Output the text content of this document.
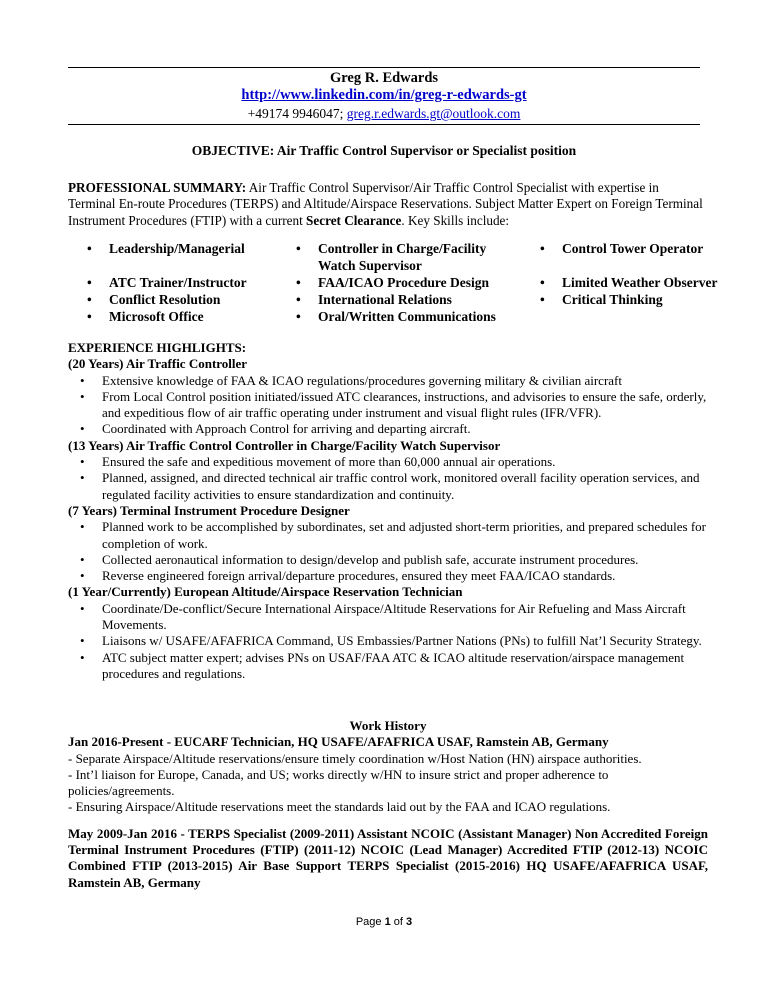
Greg R. Edwards
http://www.linkedin.com/in/greg-r-edwards-gt
+49174 9946047; greg.r.edwards.gt@outlook.com
OBJECTIVE: Air Traffic Control Supervisor or Specialist position
PROFESSIONAL SUMMARY: Air Traffic Control Supervisor/Air Traffic Control Specialist with expertise in Terminal En-route Procedures (TERPS) and Altitude/Airspace Reservations. Subject Matter Expert on Foreign Terminal Instrument Procedures (FTIP) with a current Secret Clearance. Key Skills include:
• Leadership/Managerial
• ATC Trainer/Instructor
• Conflict Resolution
• Microsoft Office
• Controller in Charge/Facility
Watch Supervisor
• FAA/ICAO Procedure Design
• International Relations
• Oral/Written Communications
• Control Tower Operator
• Limited Weather Observer
• Critical Thinking
EXPERIENCE HIGHLIGHTS:
(20 Years) Air Traffic Controller
• Extensive knowledge of FAA & ICAO regulations/procedures governing military & civilian aircraft
• From Local Control position initiated/issued ATC clearances, instructions, and advisories to ensure the safe, orderly, and expeditious flow of air traffic operating under instrument and visual flight rules (IFR/VFR).
• Coordinated with Approach Control for arriving and departing aircraft.
(13 Years) Air Traffic Control Controller in Charge/Facility Watch Supervisor
• Ensured the safe and expeditious movement of more than 60,000 annual air operations.
• Planned, assigned, and directed technical air traffic control work, monitored overall facility operation services, and regulated facility activities to ensure standardization and continuity.
(7 Years) Terminal Instrument Procedure Designer
• Planned work to be accomplished by subordinates, set and adjusted short-term priorities, and prepared schedules for completion of work.
• Collected aeronautical information to design/develop and publish safe, accurate instrument procedures.
• Reverse engineered foreign arrival/departure procedures, ensured they meet FAA/ICAO standards.
(1 Year/Currently) European Altitude/Airspace Reservation Technician
• Coordinate/De-conflict/Secure International Airspace/Altitude Reservations for Air Refueling and Mass Aircraft Movements.
• Liaisons w/ USAFE/AFAFRICA Command, US Embassies/Partner Nations (PNs) to fulfill Nat’l Security Strategy.
• ATC subject matter expert; advises PNs on USAF/FAA ATC & ICAO altitude reservation/airspace management procedures and regulations.
Work History
Jan 2016-Present - EUCARF Technician, HQ USAFE/AFAFRICA USAF, Ramstein AB, Germany
- Separate Airspace/Altitude reservations/ensure timely coordination w/Host Nation (HN) airspace authorities.
- Int’l liaison for Europe, Canada, and US; works directly w/HN to insure strict and proper adherence to policies/agreements.
- Ensuring Airspace/Altitude reservations meet the standards laid out by the FAA and ICAO regulations.
May 2009-Jan 2016 - TERPS Specialist (2009-2011) Assistant NCOIC (Assistant Manager) Non Accredited Foreign Terminal Instrument Procedures (FTIP) (2011-12) NCOIC (Lead Manager) Accredited FTIP (2012-13) NCOIC Combined FTIP (2013-2015) Air Base Support TERPS Specialist (2015-2016) HQ USAFE/AFAFRICA USAF, Ramstein AB, Germany
Page 1 of 3
